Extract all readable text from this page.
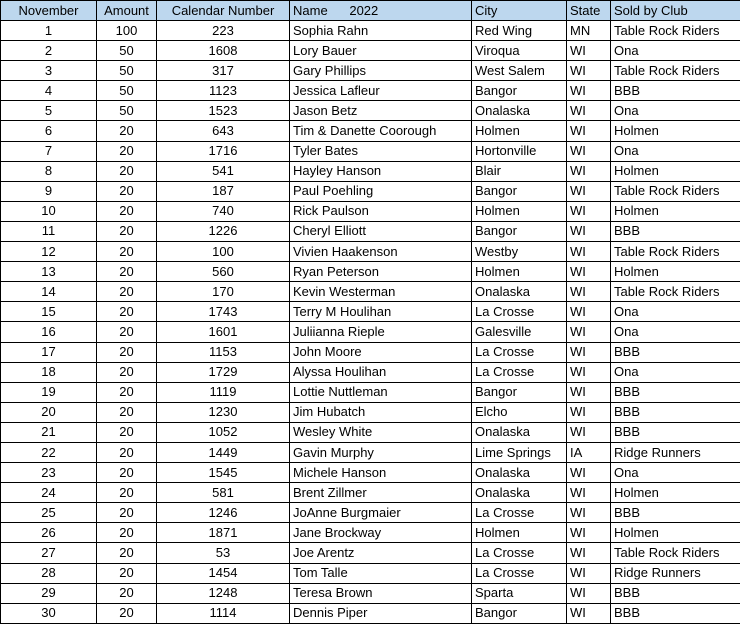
November	Amount	Calendar Number	Name      2022	City	State	Sold by Club
1	100	223	Sophia Rahn	Red Wing	MN	Table Rock Riders
2	50	1608	Lory Bauer	Viroqua	WI	Ona
3	50	317	Gary Phillips	West Salem	WI	Table Rock Riders
4	50	1123	Jessica Lafleur	Bangor	WI	BBB
5	50	1523	Jason Betz	Onalaska	WI	Ona
6	20	643	Tim & Danette Coorough	Holmen	WI	Holmen
7	20	1716	Tyler Bates	Hortonville	WI	Ona
8	20	541	Hayley Hanson	Blair	WI	Holmen
9	20	187	Paul Poehling	Bangor	WI	Table Rock Riders
10	20	740	Rick Paulson	Holmen	WI	Holmen
11	20	1226	Cheryl Elliott	Bangor	WI	BBB
12	20	100	Vivien Haakenson	Westby	WI	Table Rock Riders
13	20	560	Ryan Peterson	Holmen	WI	Holmen
14	20	170	Kevin Westerman	Onalaska	WI	Table Rock Riders
15	20	1743	Terry M Houlihan	La Crosse	WI	Ona
16	20	1601	Juliianna Rieple	Galesville	WI	Ona
17	20	1153	John Moore	La Crosse	WI	BBB
18	20	1729	Alyssa Houlihan	La Crosse	WI	Ona
19	20	1119	Lottie Nuttleman	Bangor	WI	BBB
20	20	1230	Jim Hubatch	Elcho	WI	BBB
21	20	1052	Wesley White	Onalaska	WI	BBB
22	20	1449	Gavin Murphy	Lime Springs	IA	Ridge Runners
23	20	1545	Michele Hanson	Onalaska	WI	Ona
24	20	581	Brent Zillmer	Onalaska	WI	Holmen
25	20	1246	JoAnne Burgmaier	La Crosse	WI	BBB
26	20	1871	Jane Brockway	Holmen	WI	Holmen
27	20	53	Joe Arentz	La Crosse	WI	Table Rock Riders
28	20	1454	Tom Talle	La Crosse	WI	Ridge Runners
29	20	1248	Teresa Brown	Sparta	WI	BBB
30	20	1114	Dennis Piper	Bangor	WI	BBB
